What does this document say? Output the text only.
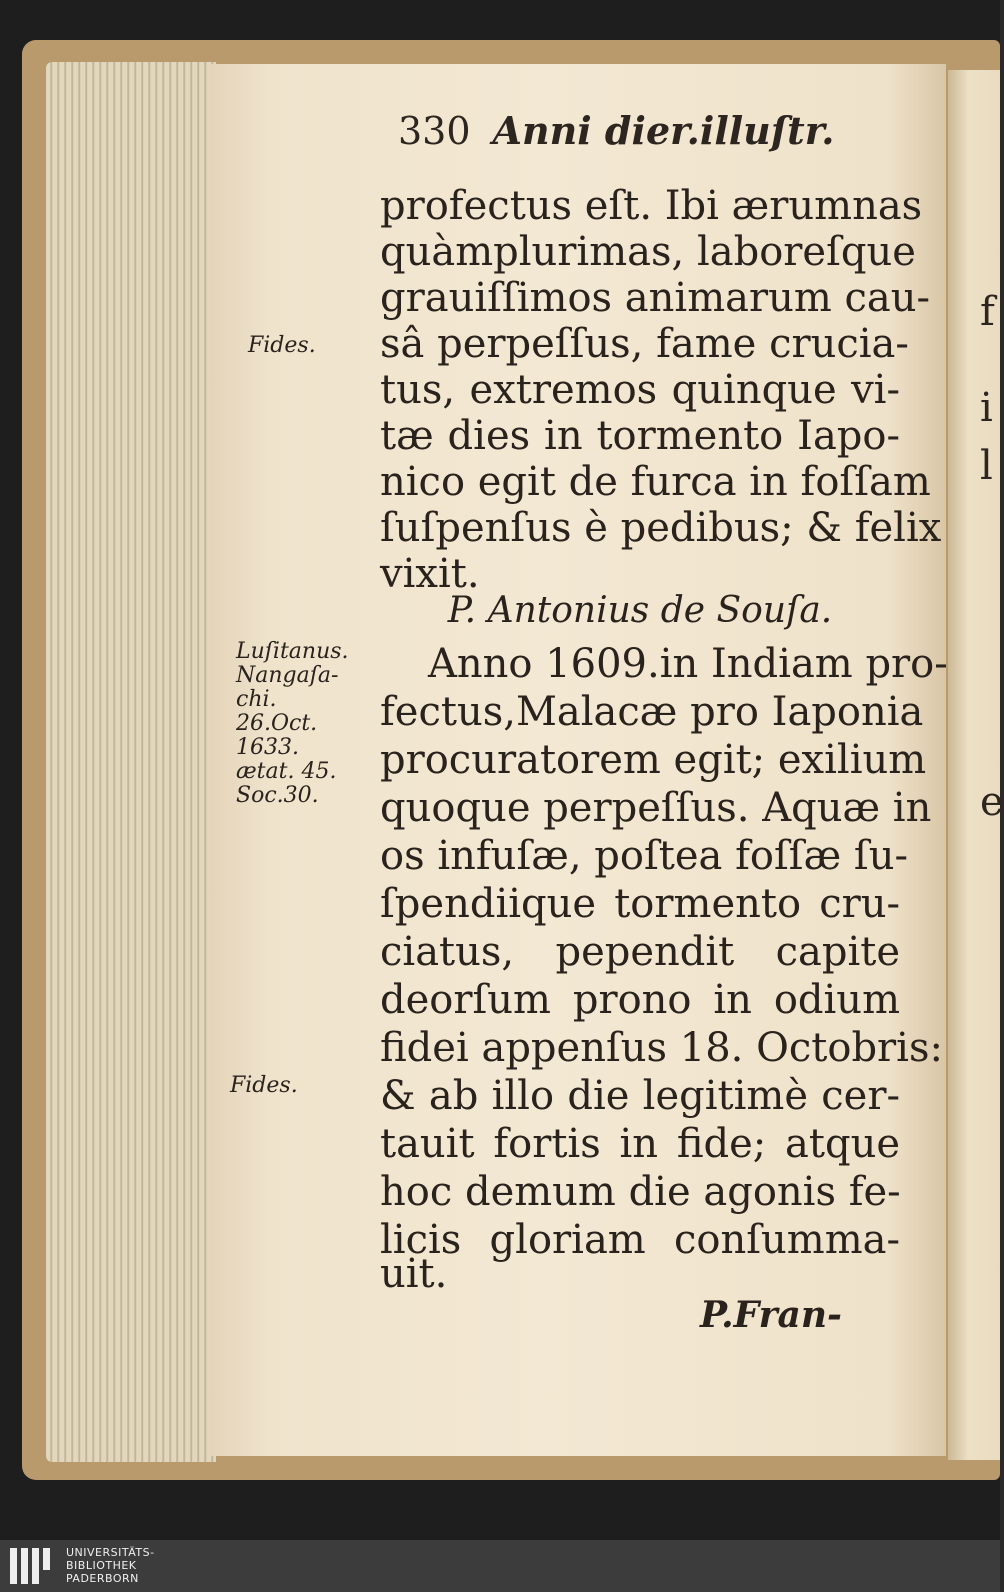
f
i
l
e
330 Anni dier.illuſtr.
profectus eſt. Ibi ærumnas
quàmplurimas, laboreſque
grauiſſimos animarum cau-
sâ perpeſſus, fame crucia-
tus, extremos quinque vi-
tæ dies in tormento Iapo-
nico egit de furca in foſſam
ſuſpenſus è pedibus; & felix
vixit.
P. Antonius de Souſa.
Anno 1609.in Indiam pro-
fectus,Malacæ pro Iaponia
procuratorem egit; exilium
quoque perpeſſus. Aquæ in
os infuſæ, poſtea foſſæ ſu-
ſpendiique tormento cru-
ciatus, pependit capite
deorſum prono in odium
fidei appenſus 18. Octobris:
& ab illo die legitimè cer-
tauit fortis in fide; atque
hoc demum die agonis fe-
licis gloriam conſumma-
uit.
P.Fran-
Fides.
Luſitanus.
Nangaſa-
chi.
26.Oct.
1633.
ætat. 45.
Soc.30.
Fides.
UNIVERSITÄTS-
BIBLIOTHEK
PADERBORN
